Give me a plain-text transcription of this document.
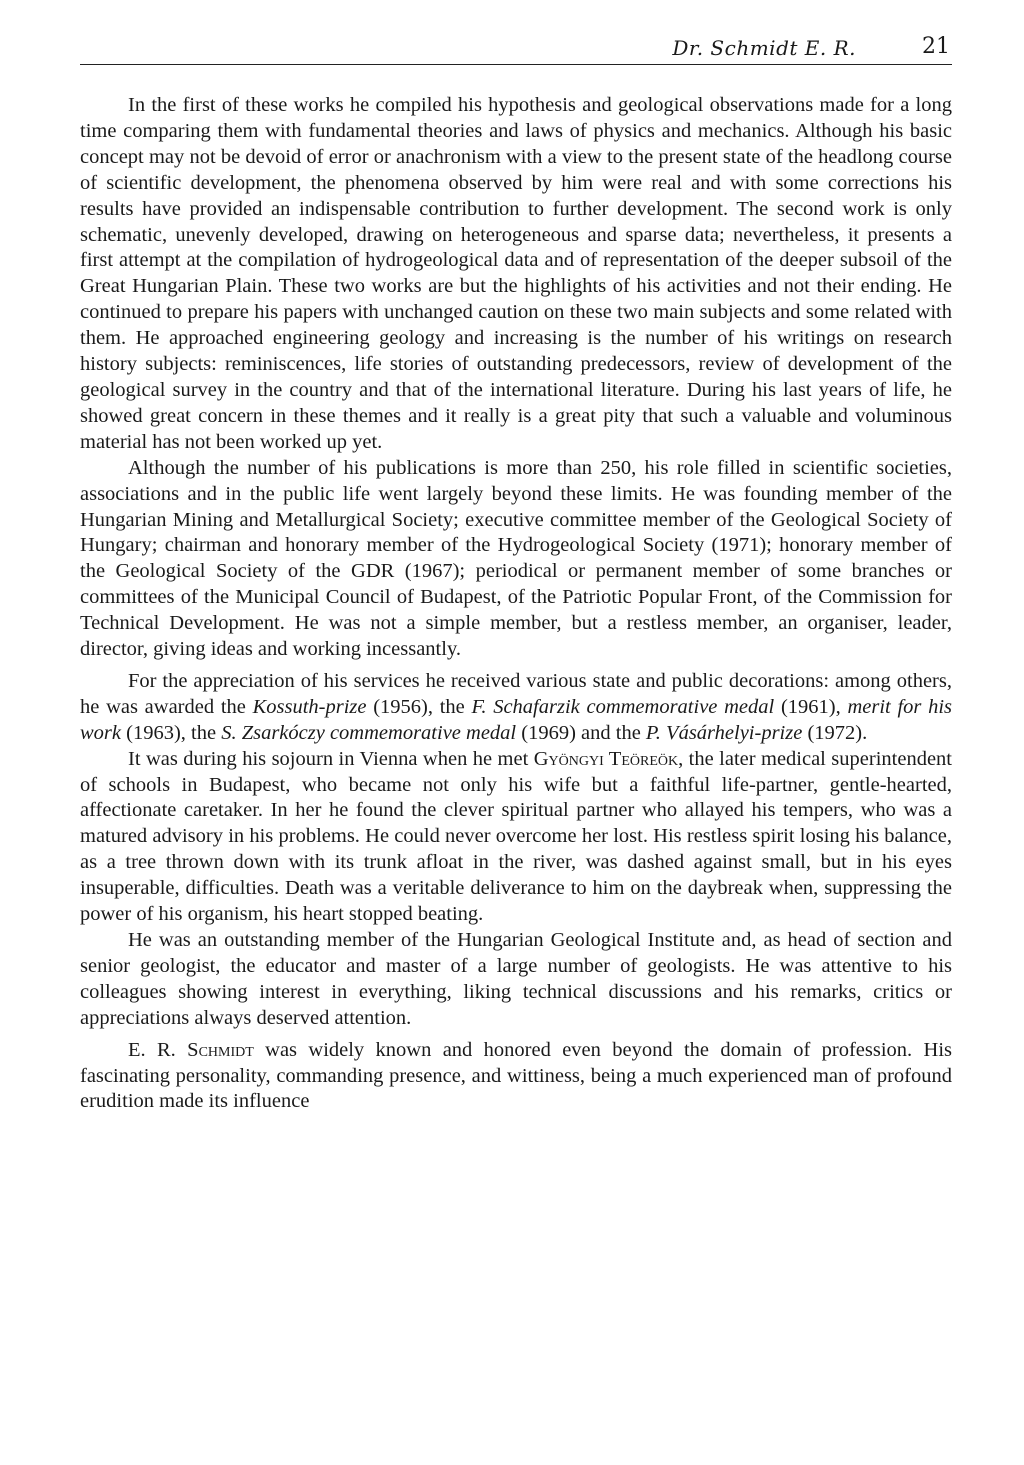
Dr. Schmidt E. R.	21

In the first of these works he compiled his hypothesis and geological observations made for a long time comparing them with fundamental theories and laws of physics and mechanics. Although his basic concept may not be devoid of error or anachronism with a view to the present state of the headlong course of scientific development, the phenomena observed by him were real and with some corrections his results have provided an indispensable contribution to further development. The second work is only schematic, unevenly developed, drawing on heterogeneous and sparse data; nevertheless, it presents a first attempt at the compilation of hydrogeological data and of representation of the deeper subsoil of the Great Hungarian Plain. These two works are but the highlights of his activities and not their ending. He continued to prepare his papers with unchanged caution on these two main subjects and some related with them. He approached engineering geology and increasing is the number of his writings on research history subjects: reminiscences, life stories of outstanding predecessors, review of development of the geological survey in the country and that of the international literature. During his last years of life, he showed great concern in these themes and it really is a great pity that such a valuable and voluminous material has not been worked up yet.

Although the number of his publications is more than 250, his role filled in scientific societies, associations and in the public life went largely beyond these limits. He was founding member of the Hungarian Mining and Metallurgical Society; executive committee member of the Geological Society of Hungary; chairman and honorary member of the Hydrogeological Society (1971); honorary member of the Geological Society of the GDR (1967); periodical or permanent member of some branches or committees of the Municipal Council of Budapest, of the Patriotic Popular Front, of the Commission for Technical Development. He was not a simple member, but a restless member, an organiser, leader, director, giving ideas and working incessantly.

For the appreciation of his services he received various state and public decorations: among others, he was awarded the Kossuth-prize (1956), the F. Schafarzik commemorative medal (1961), merit for his work (1963), the S. Zsarkóczy commemorative medal (1969) and the P. Vásárhelyi-prize (1972).

It was during his sojourn in Vienna when he met Gyöngyi Teöreök, the later medical superintendent of schools in Budapest, who became not only his wife but a faithful life-partner, gentle-hearted, affectionate caretaker. In her he found the clever spiritual partner who allayed his tempers, who was a matured advisory in his problems. He could never overcome her lost. His restless spirit losing his balance, as a tree thrown down with its trunk afloat in the river, was dashed against small, but in his eyes insuperable, difficulties. Death was a veritable deliverance to him on the daybreak when, suppressing the power of his organism, his heart stopped beating.

He was an outstanding member of the Hungarian Geological Institute and, as head of section and senior geologist, the educator and master of a large number of geologists. He was attentive to his colleagues showing interest in everything, liking technical discussions and his remarks, critics or appreciations always deserved attention.

E. R. Schmidt was widely known and honored even beyond the domain of profession. His fascinating personality, commanding presence, and wittiness, being a much experienced man of profound erudition made its influence
